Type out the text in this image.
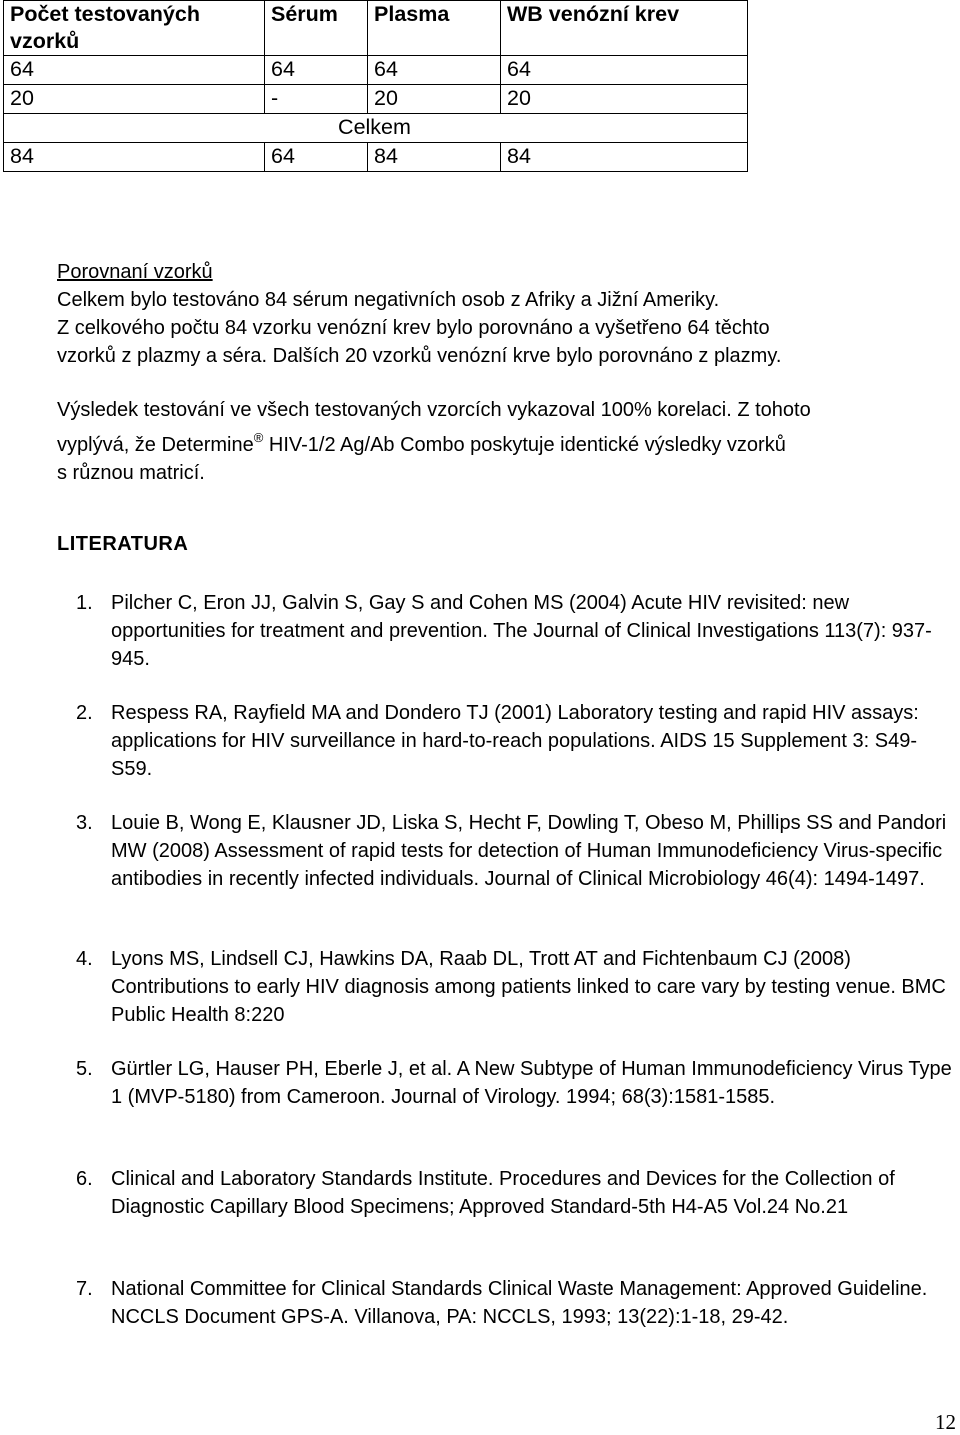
Počet testovaných vzorků	Sérum	Plasma	WB venózní krev
64	64	64	64
20	-	20	20
Celkem			
84	64	84	84

Porovnaní vzorků

Celkem bylo testováno 84 sérum negativních osob z Afriky a Jižní Ameriky.

Z celkového počtu 84 vzorku venózní krev bylo porovnáno a vyšetřeno 64 těchto

vzorků z plazmy a séra. Dalších 20 vzorků venózní krve bylo porovnáno z plazmy.

Výsledek testování ve všech testovaných vzorcích vykazoval 100% korelaci. Z tohoto

vyplývá, že Determine® HIV-1/2 Ag/Ab Combo poskytuje identické výsledky vzorků

s různou matricí.

LITERATURA
1. Pilcher C, Eron JJ, Galvin S, Gay S and Cohen MS (2004) Acute HIV revisited: new opportunities for treatment and prevention. The Journal of Clinical Investigations 113(7): 937-945.
2. Respess RA, Rayfield MA and Dondero TJ (2001) Laboratory testing and rapid HIV assays: applications for HIV surveillance in hard-to-reach populations. AIDS 15 Supplement 3: S49-S59.
3. Louie B, Wong E, Klausner JD, Liska S, Hecht F, Dowling T, Obeso M, Phillips SS and Pandori MW (2008) Assessment of rapid tests for detection of Human Immunodeficiency Virus-specific antibodies in recently infected individuals. Journal of Clinical Microbiology 46(4): 1494-1497.
4. Lyons MS, Lindsell CJ, Hawkins DA, Raab DL, Trott AT and Fichtenbaum CJ (2008) Contributions to early HIV diagnosis among patients linked to care vary by testing venue. BMC Public Health 8:220
5. Gürtler LG, Hauser PH, Eberle J, et al. A New Subtype of Human Immunodeficiency Virus Type 1 (MVP-5180) from Cameroon. Journal of Virology. 1994; 68(3):1581-1585.
6. Clinical and Laboratory Standards Institute. Procedures and Devices for the Collection of Diagnostic Capillary Blood Specimens; Approved Standard-5th H4-A5 Vol.24 No.21
7. National Committee for Clinical Standards Clinical Waste Management: Approved Guideline. NCCLS Document GPS-A. Villanova, PA: NCCLS, 1993; 13(22):1-18, 29-42.
12
